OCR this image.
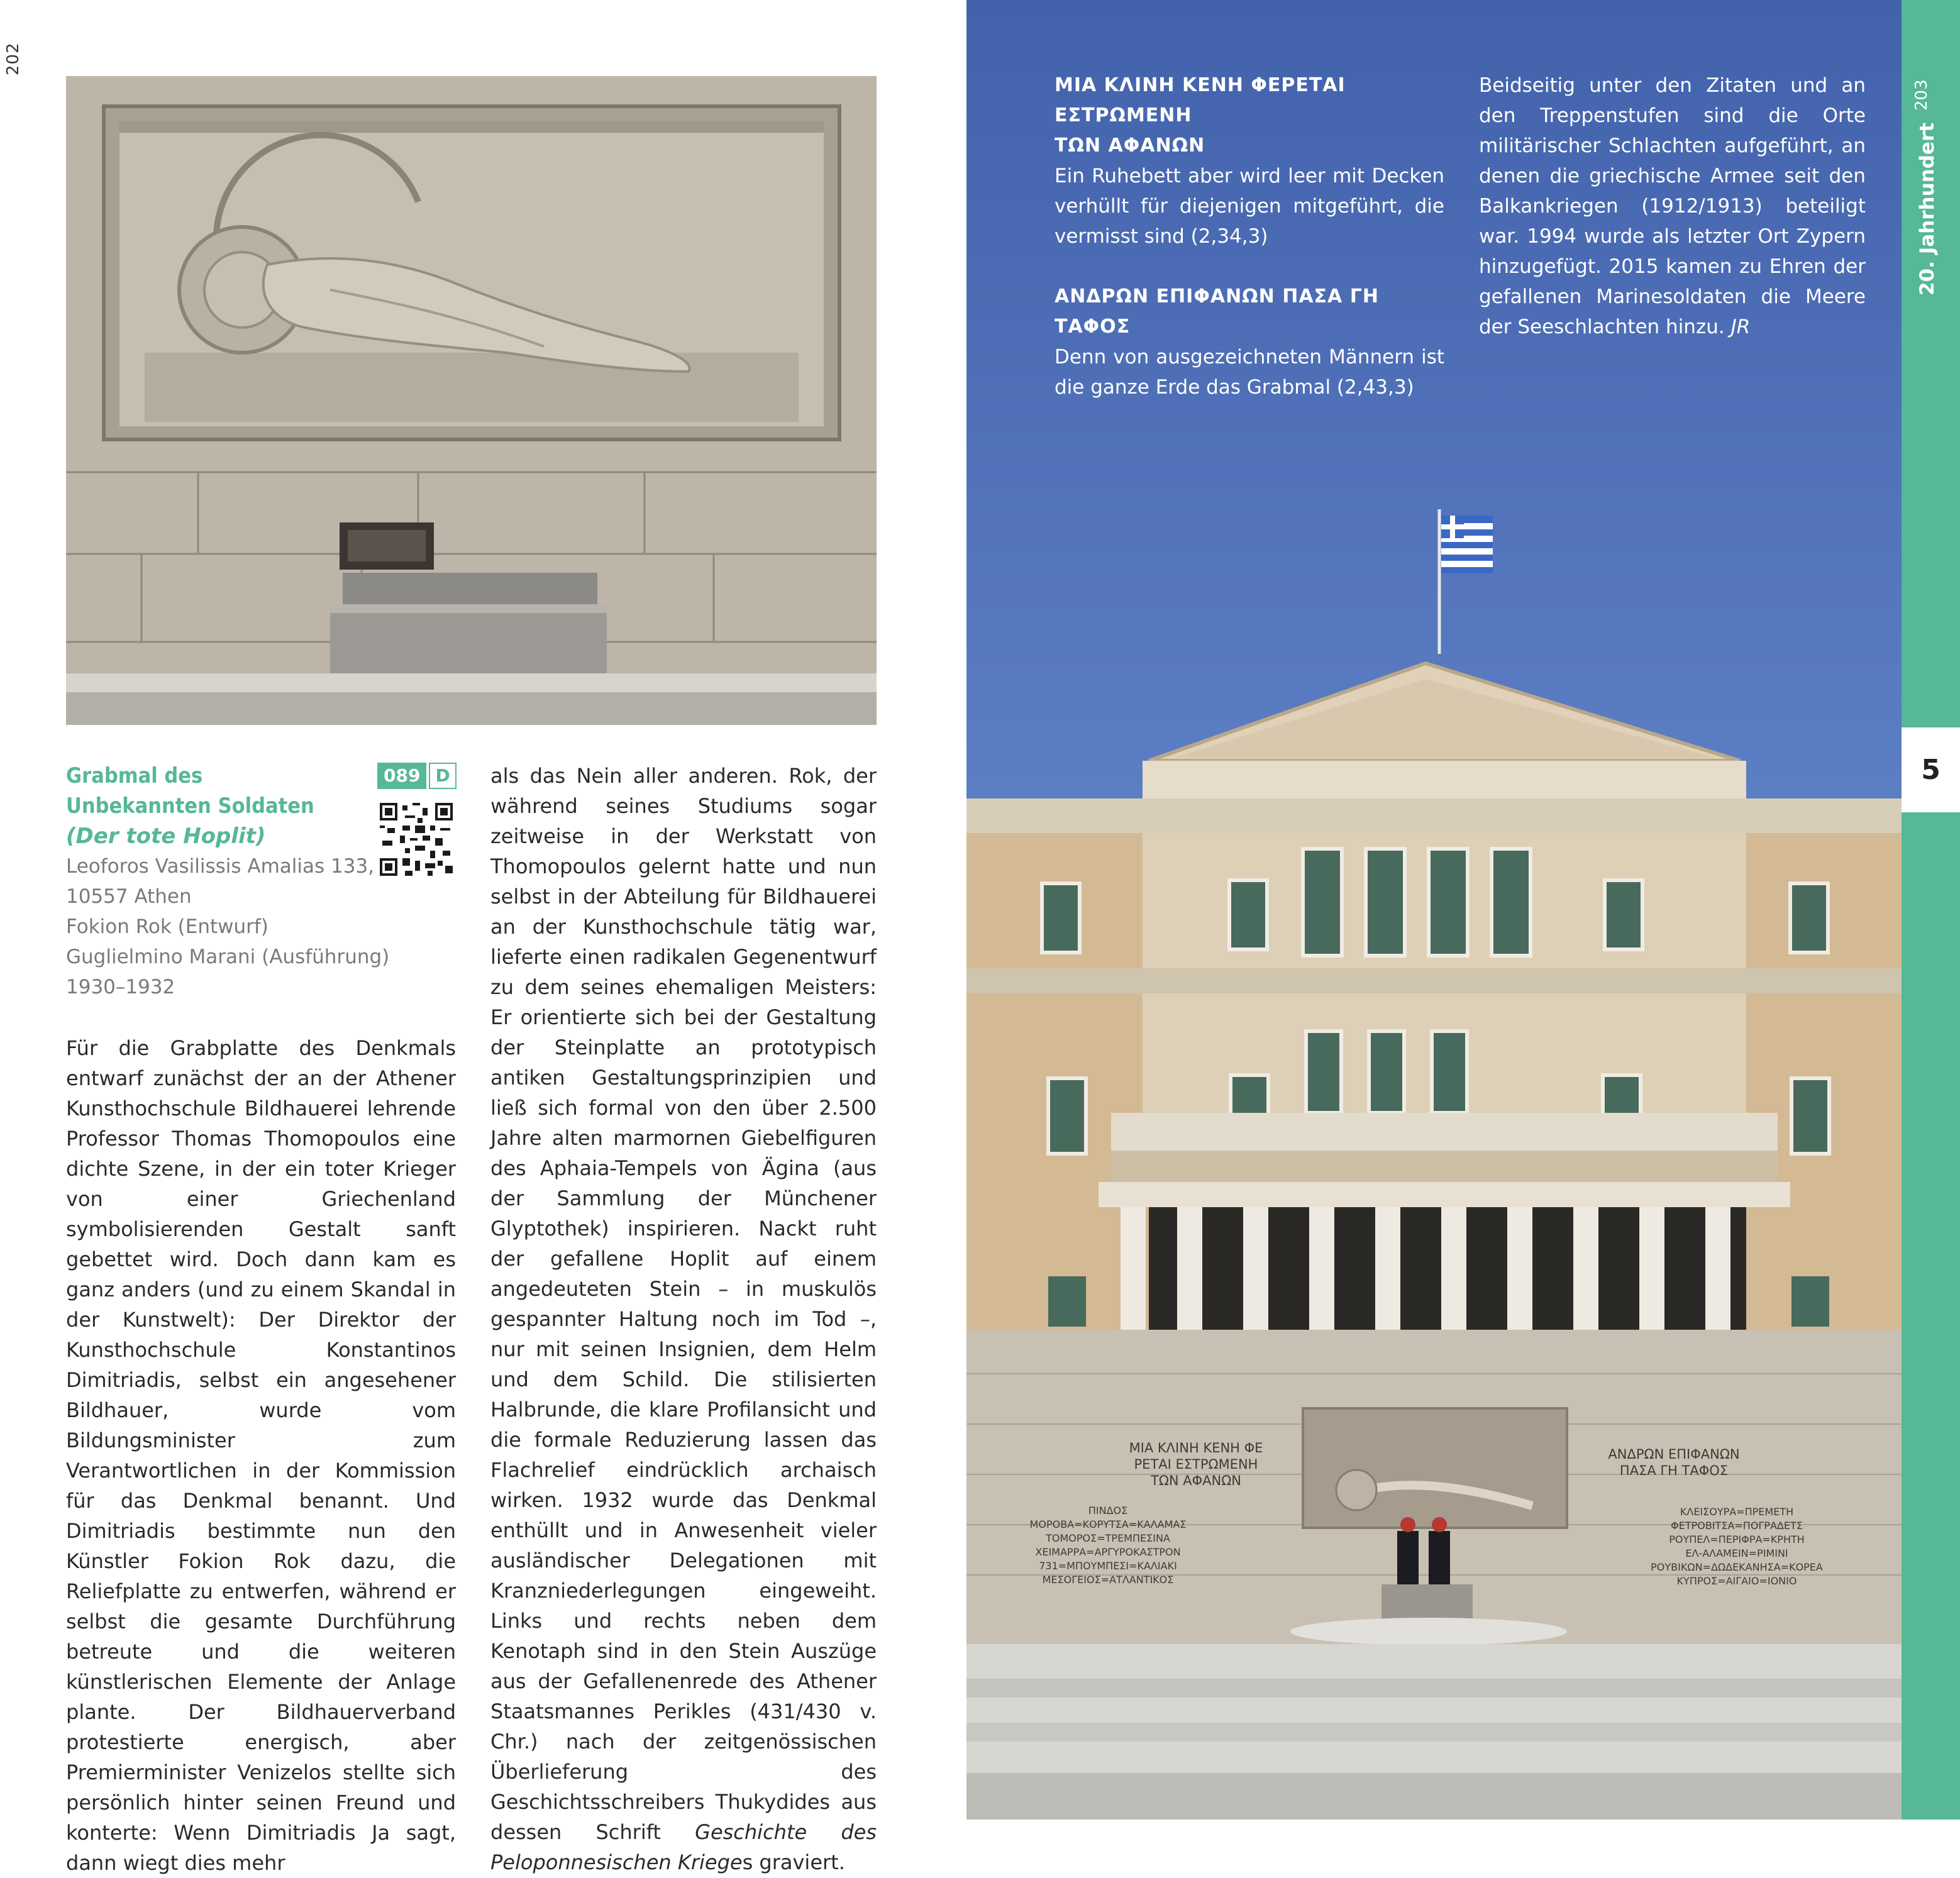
202
Grabmal des
Unbekannten Soldaten
(Der tote Hoplit)
Leoforos Vasilissis Amalias 133,
10557 Athen
Fokion Rok (Entwurf)
Guglielmino Marani (Ausführung)
1930–1932
089 D
Für die Grabplatte des Denkmals entwarf zunächst der an der Athener Kunsthochschule Bildhauerei lehrende Professor Thomas Thomopoulos eine dichte Szene, in der ein toter Krieger von einer Griechenland symbolisierenden Gestalt sanft gebettet wird. Doch dann kam es ganz anders (und zu einem Skandal in der Kunstwelt): Der Direktor der Kunsthochschule Konstantinos Dimitriadis, selbst ein angesehener Bildhauer, wurde vom Bildungsminister zum Verantwortlichen in der Kommission für das Denkmal benannt. Und Dimitriadis bestimmte nun den Künstler Fokion Rok dazu, die Reliefplatte zu entwerfen, während er selbst die gesamte Durchführung betreute und die weiteren künstlerischen Elemente der Anlage plante. Der Bildhauerverband protestierte energisch, aber Premierminister Venizelos stellte sich persönlich hinter seinen Freund und konterte: Wenn Dimitriadis Ja sagt, dann wiegt dies mehr
als das Nein aller anderen. Rok, der während seines Studiums sogar zeitweise in der Werkstatt von Thomopoulos gelernt hatte und nun selbst in der Abteilung für Bildhauerei an der Kunsthochschule tätig war, lieferte einen radikalen Gegenentwurf zu dem seines ehemaligen Meisters: Er orientierte sich bei der Gestaltung der Steinplatte an prototypisch antiken Gestaltungsprinzipien und ließ sich formal von den über 2.500 Jahre alten marmornen Giebelfiguren des Aphaia-Tempels von Ägina (aus der Sammlung der Münchener Glyptothek) inspirieren. Nackt ruht der gefallene Hoplit auf einem angedeuteten Stein – in muskulös gespannter Haltung noch im Tod –, nur mit seinen Insignien, dem Helm und dem Schild. Die stilisierten Halbrunde, die klare Profilansicht und die formale Reduzierung lassen das Flachrelief eindrücklich archaisch wirken. 1932 wurde das Denkmal enthüllt und in Anwesenheit vieler ausländischer Delegationen mit Kranzniederlegungen eingeweiht. Links und rechts neben dem Kenotaph sind in den Stein Auszüge aus der Gefallenenrede des Athener Staatsmannes Perikles (431/430 v. Chr.) nach der zeitgenössischen Überlieferung des Geschichtsschreibers Thukydides aus dessen Schrift Geschichte des Peloponnesischen Krieges graviert.
ΜΙΑ ΚΛΙΝΗ ΚΕΝΗ ΦΕ
ΡΕΤΑΙ ΕΣΤΡΩΜΕΝΗ
ΤΩΝ ΑΦΑΝΩΝ
ΑΝΔΡΩΝ ΕΠΙΦΑΝΩΝ
ΠΑΣΑ ΓΗ ΤΑΦΟΣ
ΠΙΝΔΟΣ
ΜΟΡΟΒΑ=ΚΟΡΥΤΣΑ=ΚΑΛΑΜΑΣ
ΤΟΜΟΡΟΣ=ΤΡΕΜΠΕΣΙΝΑ
ΧΕΙΜΑΡΡΑ=ΑΡΓΥΡΟΚΑΣΤΡΟΝ
731=ΜΠΟΥΜΠΕΣΙ=ΚΑΛΙΑΚΙ
ΜΕΣΟΓΕΙΟΣ=ΑΤΛΑΝΤΙΚΟΣ
ΚΛΕΙΣΟΥΡΑ=ΠΡΕΜΕΤΗ
ΦΕΤΡΟΒΙΤΣΑ=ΠΟΓΡΑΔΕΤΣ
ΡΟΥΠΕΛ=ΠΕΡΙΦΡΑ=ΚΡΗΤΗ
ΕΛ-ΑΛΑΜΕΙΝ=ΡΙΜΙΝΙ
ΡΟΥΒΙΚΩΝ=ΔΩΔΕΚΑΝΗΣΑ=ΚΟΡΕΑ
ΚΥΠΡΟΣ=ΑΙΓΑΙΟ=ΙΟΝΙΟ
ΜΙΑ ΚΛΙΝΗ ΚΕΝΗ ΦΕΡΕΤΑΙ ΕΣΤΡΩΜΕΝΗ
ΤΩΝ ΑΦΑΝΩΝ
Ein Ruhebett aber wird leer mit Decken verhüllt für diejenigen mitgeführt, die vermisst sind (2,34,3)
ΑΝΔΡΩΝ ΕΠΙΦΑΝΩΝ ΠΑΣΑ ΓΗ ΤΑΦΟΣ
Denn von ausgezeichneten Männern ist die ganze Erde das Grabmal (2,43,3)
Beidseitig unter den Zitaten und an den Treppenstufen sind die Orte militärischer Schlachten aufgeführt, an denen die griechische Armee seit den Balkankriegen (1912/1913) beteiligt war. 1994 wurde als letzter Ort Zypern hinzugefügt. 2015 kamen zu Ehren der gefallenen Marinesoldaten die Meere der Seeschlachten hinzu. JR
203
20. Jahrhundert
5
